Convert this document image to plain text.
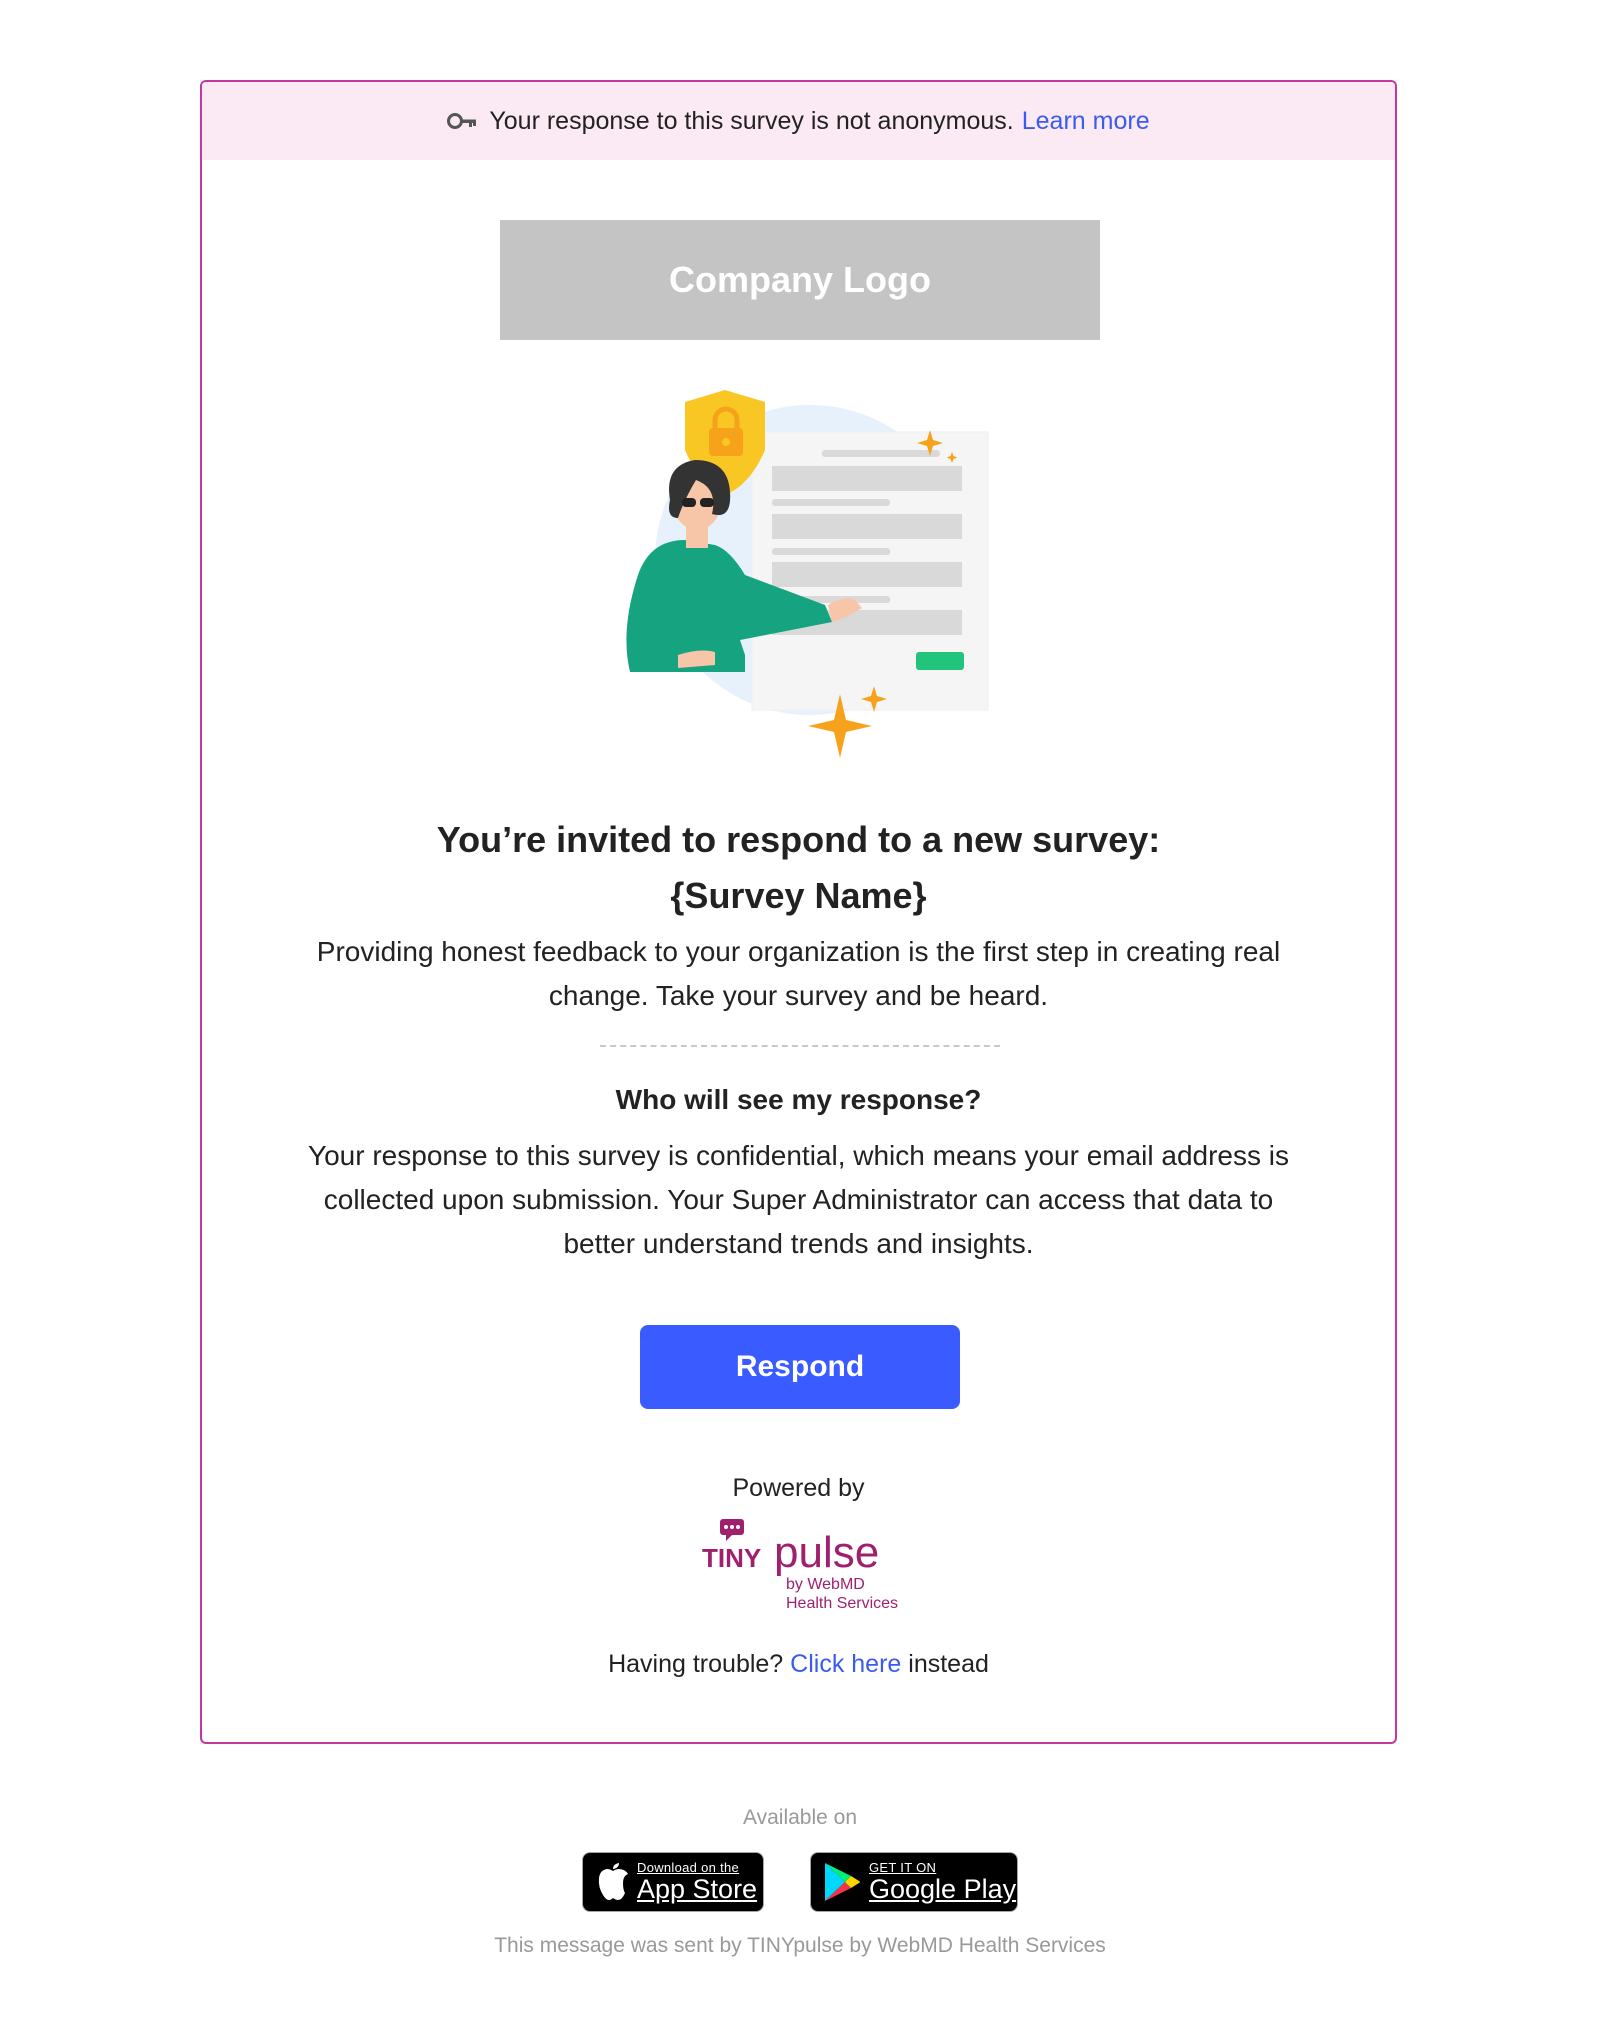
Your response to this survey is not anonymous. Learn more
Company Logo
You’re invited to respond to a new survey:
{Survey Name}
Providing honest feedback to your organization is the first step in creating real change. Take your survey and be heard.
Who will see my response?
Your response to this survey is confidential, which means your email address is collected upon submission. Your Super Administrator can access that data to better understand trends and insights.
Respond
Powered by
TINY pulse
by WebMD
Health Services
Having trouble? Click here instead
Available on
Download on the
App Store
GET IT ON
Google Play
This message was sent by TINYpulse by WebMD Health Services
